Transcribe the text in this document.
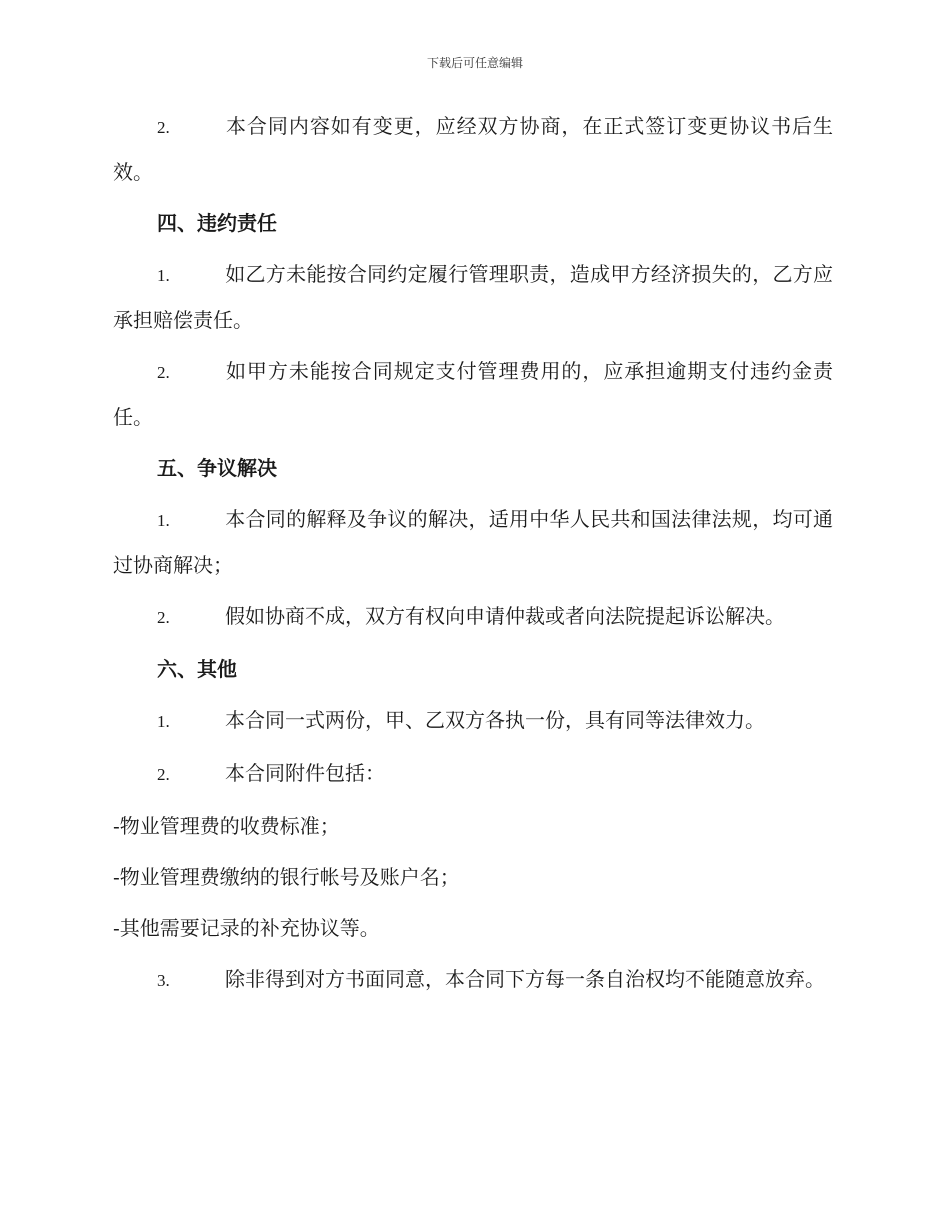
下载后可任意编辑

2.	本合同内容如有变更，应经双方协商，在正式签订变更协议书后生效。

四、违约责任

1.	如乙方未能按合同约定履行管理职责，造成甲方经济损失的，乙方应承担赔偿责任。

2.	如甲方未能按合同规定支付管理费用的，应承担逾期支付违约金责任。

五、争议解决

1.	本合同的解释及争议的解决，适用中华人民共和国法律法规，均可通过协商解决；

2.	假如协商不成，双方有权向申请仲裁或者向法院提起诉讼解决。

六、其他

1.	本合同一式两份，甲、乙双方各执一份，具有同等法律效力。

2.	本合同附件包括：

-物业管理费的收费标准；

-物业管理费缴纳的银行帐号及账户名；

-其他需要记录的补充协议等。

3.	除非得到对方书面同意，本合同下方每一条自治权均不能随意放弃。
